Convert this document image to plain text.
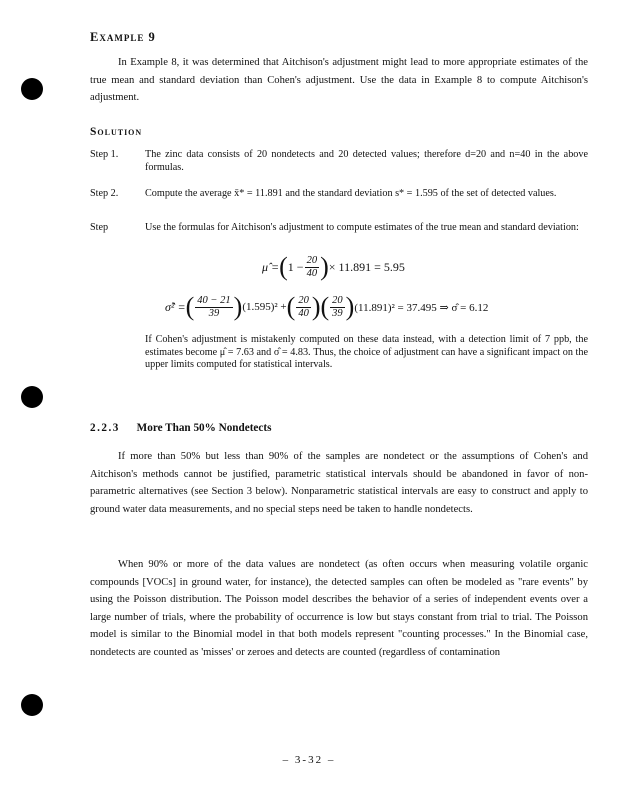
Example 9
In Example 8, it was determined that Aitchison's adjustment might lead to more appropriate estimates of the true mean and standard deviation than Cohen's adjustment. Use the data in Example 8 to compute Aitchison's adjustment.
Solution
Step 1.	The zinc data consists of 20 nondetects and 20 detected values; therefore d=20 and n=40 in the above formulas.
Step 2.	Compute the average x̄* = 11.891 and the standard deviation s* = 1.595 of the set of detected values.
Step	Use the formulas for Aitchison's adjustment to compute estimates of the true mean and standard deviation:
μ̂ = ( $1 - \frac{20}{40}$ ) × 11.891 = 5.95
σ̂² = ( $\frac{40 - 21}{39}$ ) (1.595)² + ( $\frac{20}{40}$ )( $\frac{20}{39}$ ) (11.891)² = 37.495 ⇒ σ̂ = 6.12
If Cohen's adjustment is mistakenly computed on these data instead, with a detection limit of 7 ppb, the estimates become μ̂ = 7.63 and σ̂ = 4.83. Thus, the choice of adjustment can have a significant impact on the upper limits computed for statistical intervals.
2.2.3 More Than 50% Nondetects
If more than 50% but less than 90% of the samples are nondetect or the assumptions of Cohen's and Aitchison's methods cannot be justified, parametric statistical intervals should be abandoned in favor of non-parametric alternatives (see Section 3 below). Nonparametric statistical intervals are easy to construct and apply to ground water data measurements, and no special steps need be taken to handle nondetects.
When 90% or more of the data values are nondetect (as often occurs when measuring volatile organic compounds [VOCs] in ground water, for instance), the detected samples can often be modeled as "rare events" by using the Poisson distribution. The Poisson model describes the behavior of a series of independent events over a large number of trials, where the probability of occurrence is low but stays constant from trial to trial. The Poisson model is similar to the Binomial model in that both models represent "counting processes." In the Binomial case, nondetects are counted as 'misses' or zeroes and detects are counted (regardless of contamination
– 3-32 –
